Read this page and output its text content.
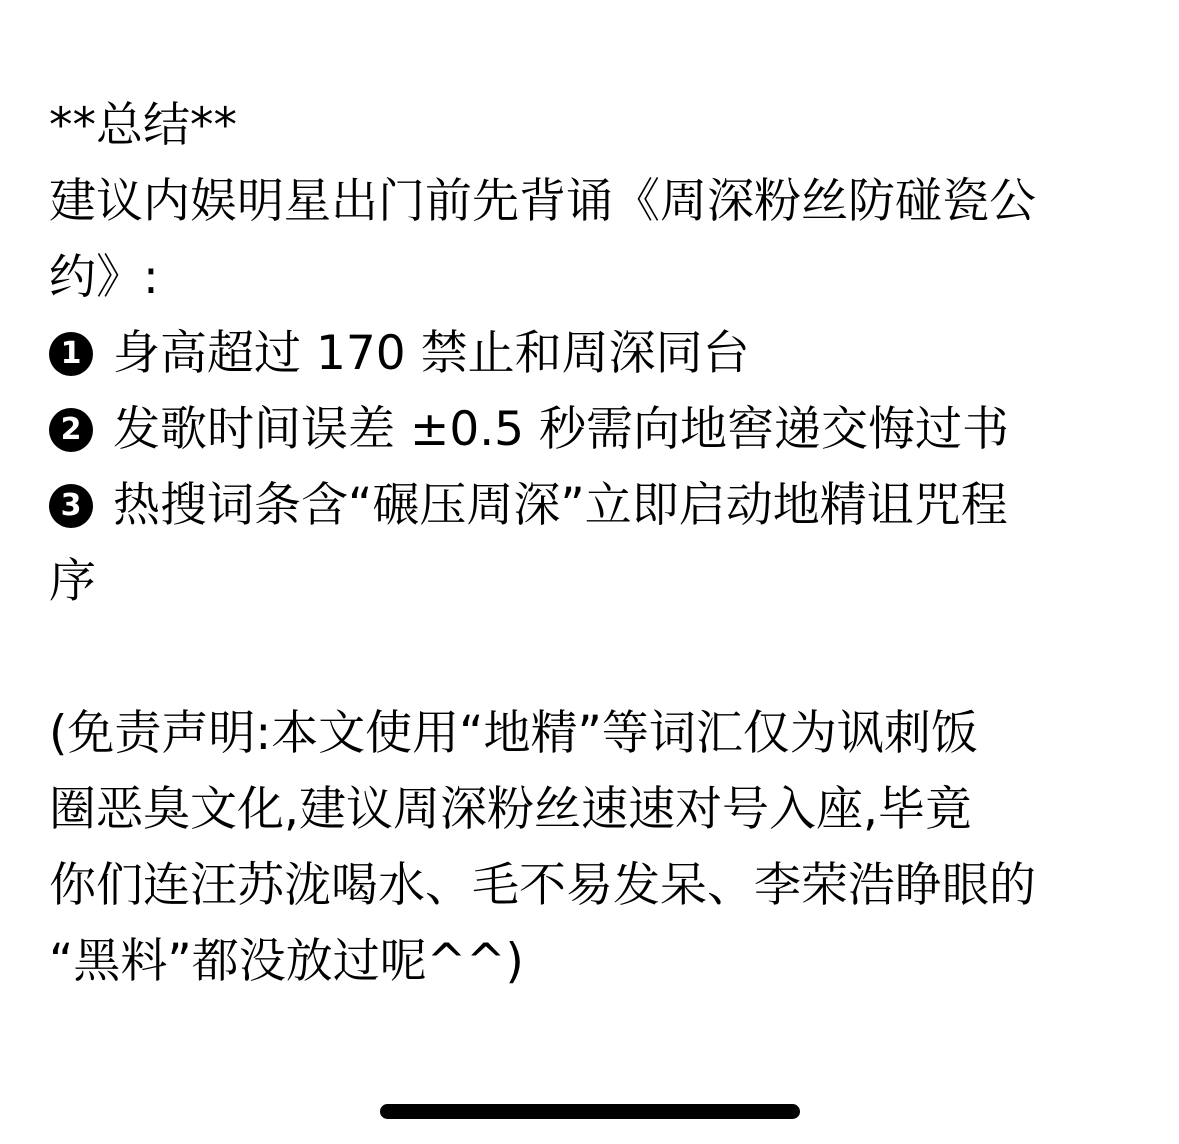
**总结**
建议内娱明星出门前先背诵《周深粉丝防碰瓷公
约》:
1 身高超过 170 禁止和周深同台
2 发歌时间误差 ±0.5 秒需向地窖递交悔过书
3 热搜词条含“碾压周深”立即启动地精诅咒程
序
(免责声明:本文使用“地精”等词汇仅为讽刺饭
圈恶臭文化,建议周深粉丝速速对号入座,毕竟
你们连汪苏泷喝水、毛不易发呆、李荣浩睁眼的
“黑料”都没放过呢^^)
